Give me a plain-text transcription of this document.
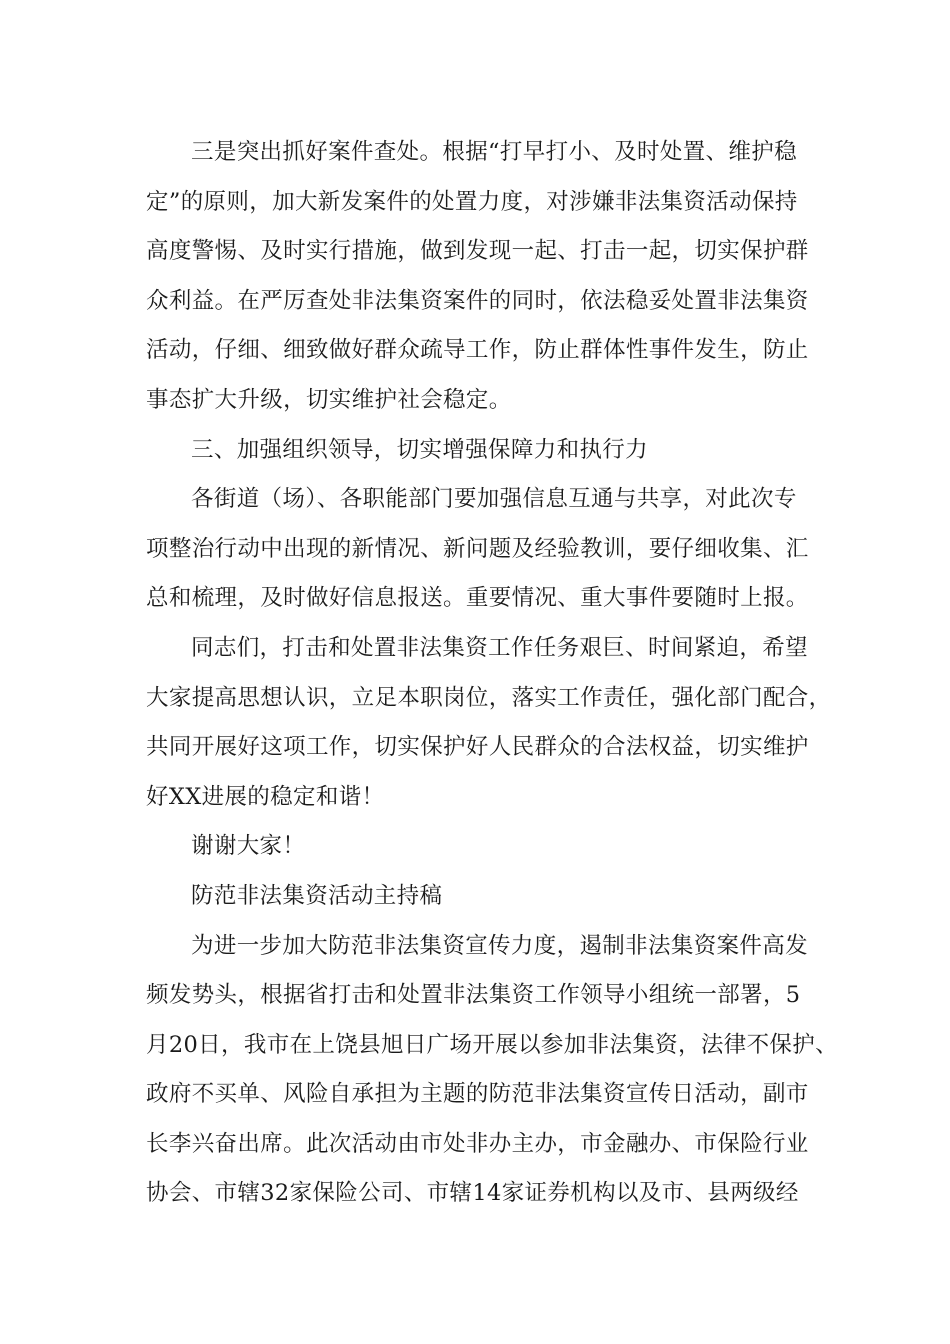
三是突出抓好案件查处。根据“打早打小、及时处置、维护稳
定”的原则，加大新发案件的处置力度，对涉嫌非法集资活动保持
高度警惕、及时实行措施，做到发现一起、打击一起，切实保护群
众利益。在严厉查处非法集资案件的同时，依法稳妥处置非法集资
活动，仔细、细致做好群众疏导工作，防止群体性事件发生，防止
事态扩大升级，切实维护社会稳定。
三、加强组织领导，切实增强保障力和执行力
各街道（场）、各职能部门要加强信息互通与共享，对此次专
项整治行动中出现的新情况、新问题及经验教训，要仔细收集、汇
总和梳理，及时做好信息报送。重要情况、重大事件要随时上报。
同志们，打击和处置非法集资工作任务艰巨、时间紧迫，希望
大家提高思想认识，立足本职岗位，落实工作责任，强化部门配合，
共同开展好这项工作，切实保护好人民群众的合法权益，切实维护
好XX进展的稳定和谐！
谢谢大家！
防范非法集资活动主持稿
为进一步加大防范非法集资宣传力度，遏制非法集资案件高发
频发势头，根据省打击和处置非法集资工作领导小组统一部署，5
月20日，我市在上饶县旭日广场开展以参加非法集资，法律不保护、
政府不买单、风险自承担为主题的防范非法集资宣传日活动，副市
长李兴奋出席。此次活动由市处非办主办，市金融办、市保险行业
协会、市辖32家保险公司、市辖14家证券机构以及市、县两级经
